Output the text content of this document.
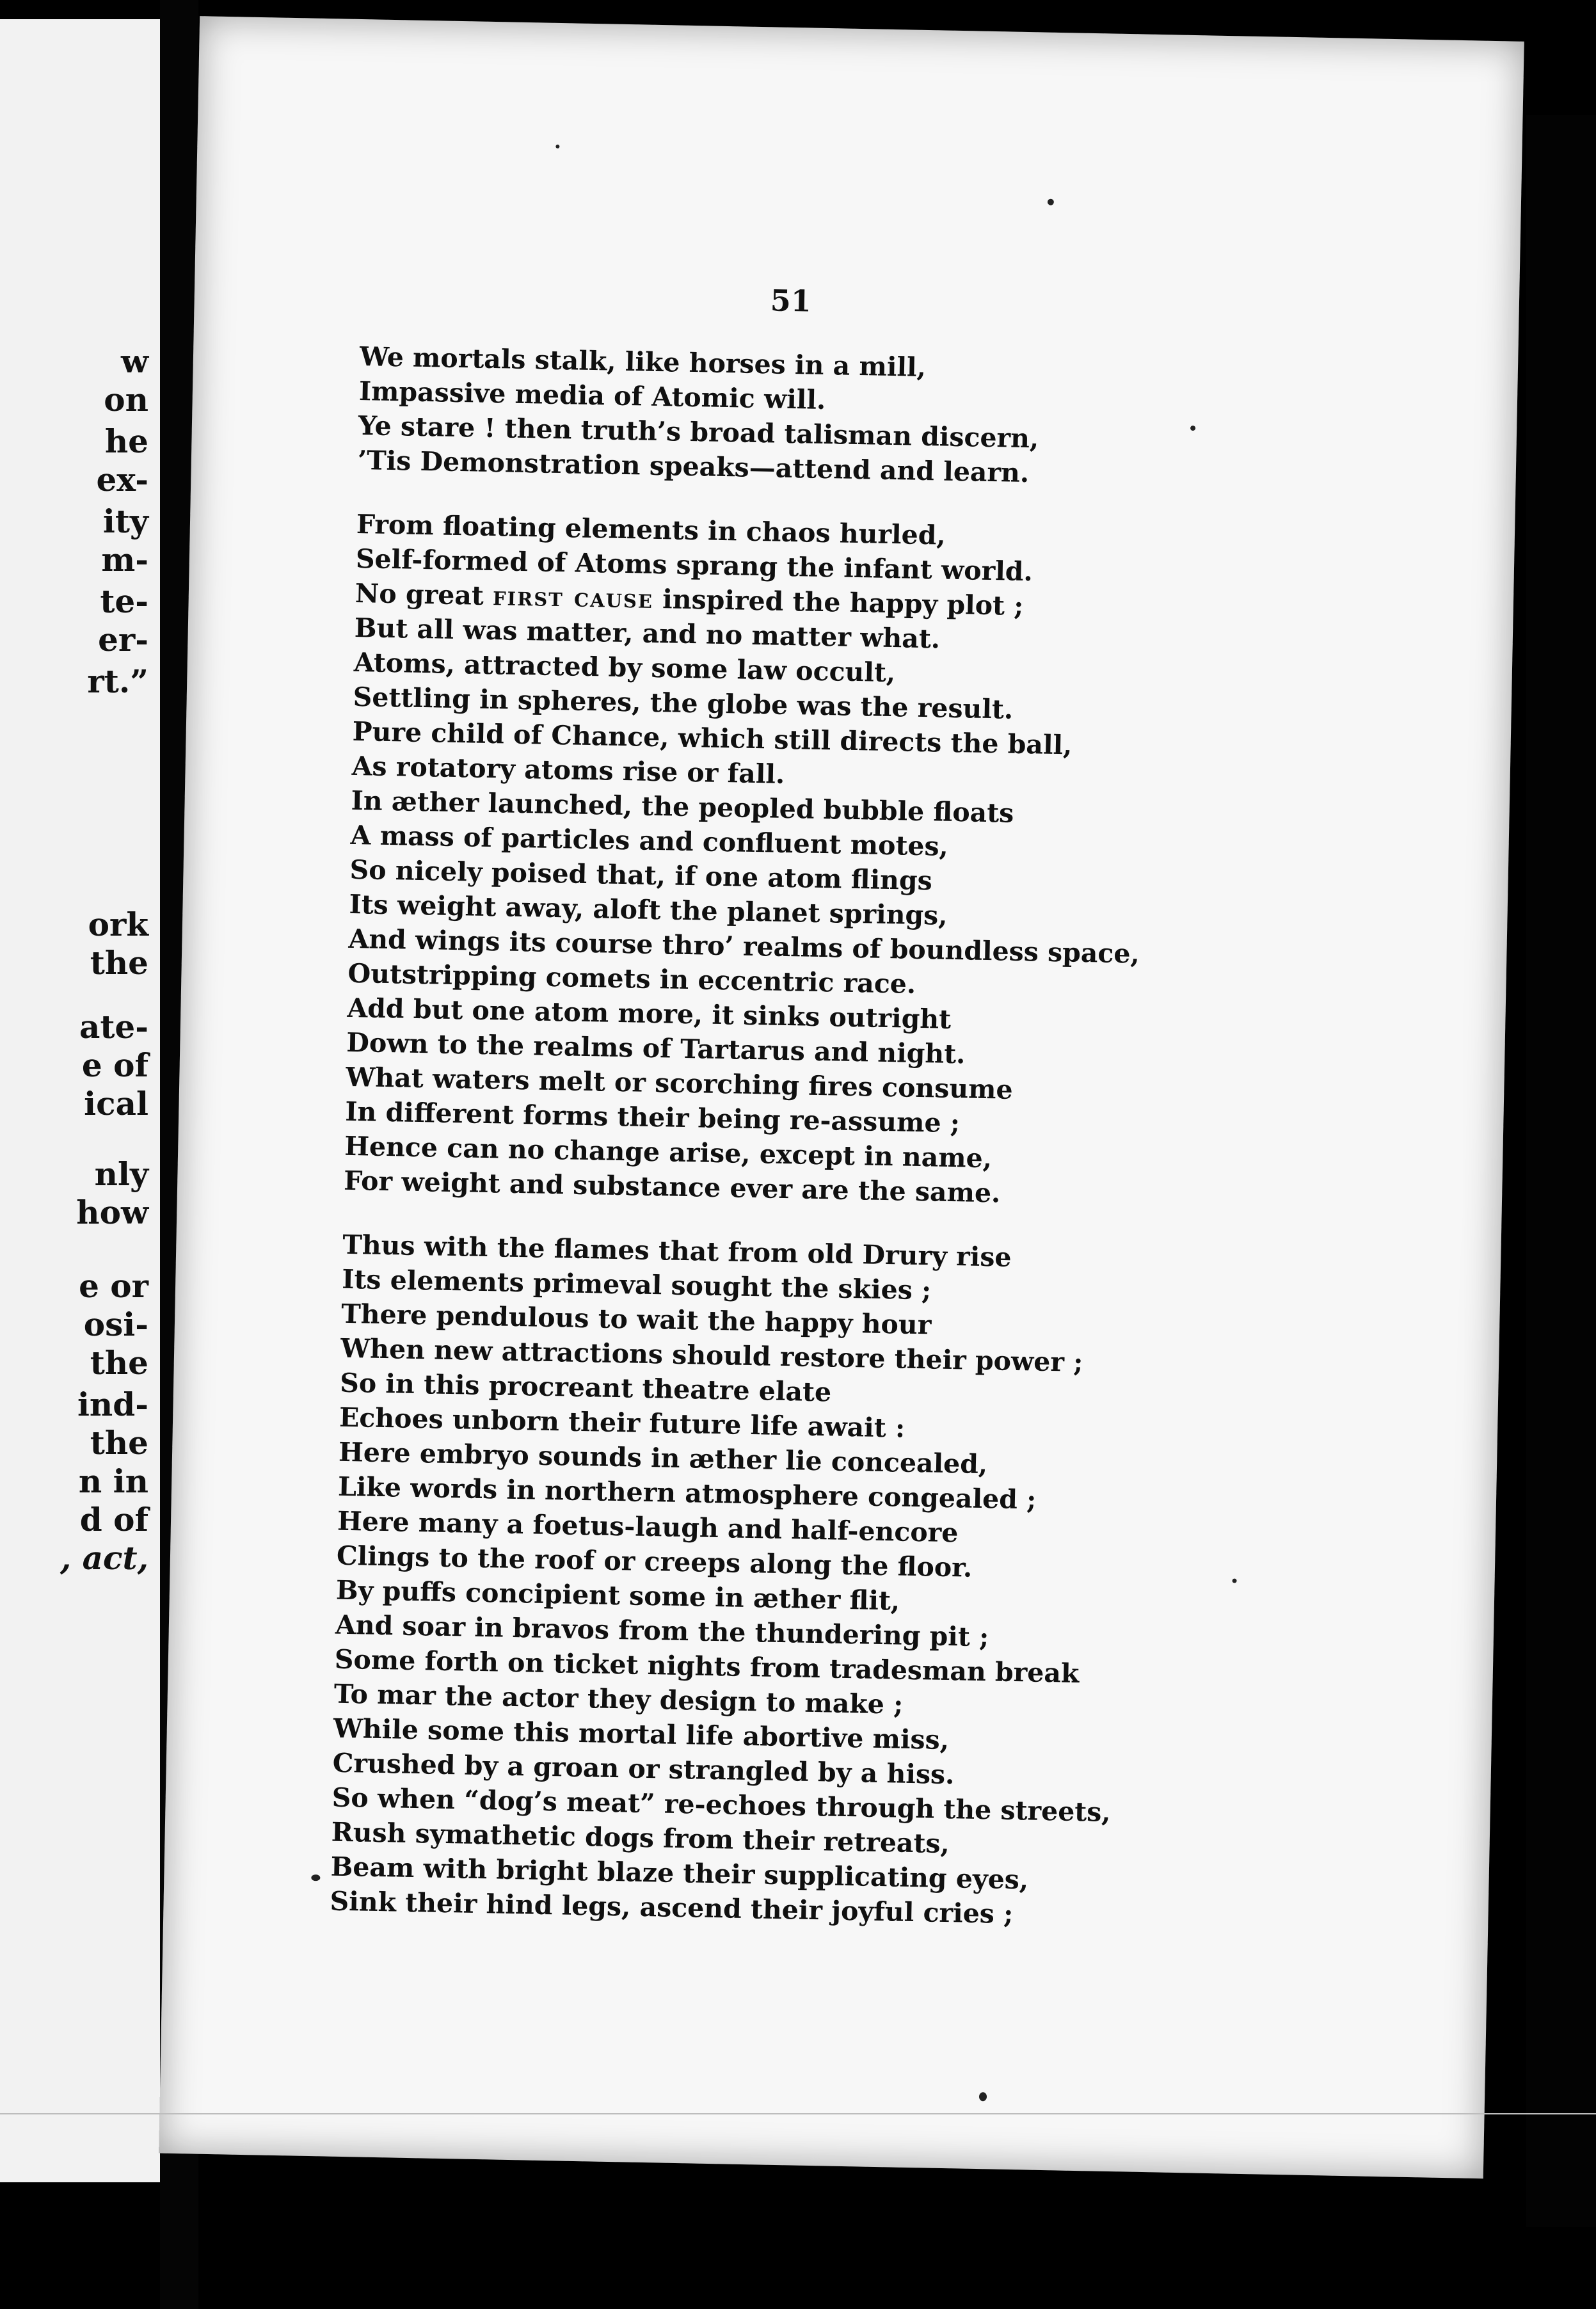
w
on
he
ex-
ity
m-
te-
er-
rt.”
ork
the
ate-
e of
ical
nly
how
e or
osi-
the
ind-
the
n in
d of
, act,
51
We mortals stalk, like horses in a mill,
Impassive media of Atomic will.
Ye stare ! then truth’s broad talisman discern,
’Tis Demonstration speaks—attend and learn.
From floating elements in chaos hurled,
Self-formed of Atoms sprang the infant world.
No great first cause inspired the happy plot ;
But all was matter, and no matter what.
Atoms, attracted by some law occult,
Settling in spheres, the globe was the result.
Pure child of Chance, which still directs the ball,
As rotatory atoms rise or fall.
In æther launched, the peopled bubble floats
A mass of particles and confluent motes,
So nicely poised that, if one atom flings
Its weight away, aloft the planet springs,
And wings its course thro’ realms of boundless space,
Outstripping comets in eccentric race.
Add but one atom more, it sinks outright
Down to the realms of Tartarus and night.
What waters melt or scorching fires consume
In different forms their being re-assume ;
Hence can no change arise, except in name,
For weight and substance ever are the same.
Thus with the flames that from old Drury rise
Its elements primeval sought the skies ;
There pendulous to wait the happy hour
When new attractions should restore their power ;
So in this procreant theatre elate
Echoes unborn their future life await :
Here embryo sounds in æther lie concealed,
Like words in northern atmosphere congealed ;
Here many a foetus-laugh and half-encore
Clings to the roof or creeps along the floor.
By puffs concipient some in æther flit,
And soar in bravos from the thundering pit ;
Some forth on ticket nights from tradesman break
To mar the actor they design to make ;
While some this mortal life abortive miss,
Crushed by a groan or strangled by a hiss.
So when “dog’s meat” re-echoes through the streets,
Rush symathetic dogs from their retreats,
Beam with bright blaze their supplicating eyes,
Sink their hind legs, ascend their joyful cries ;
